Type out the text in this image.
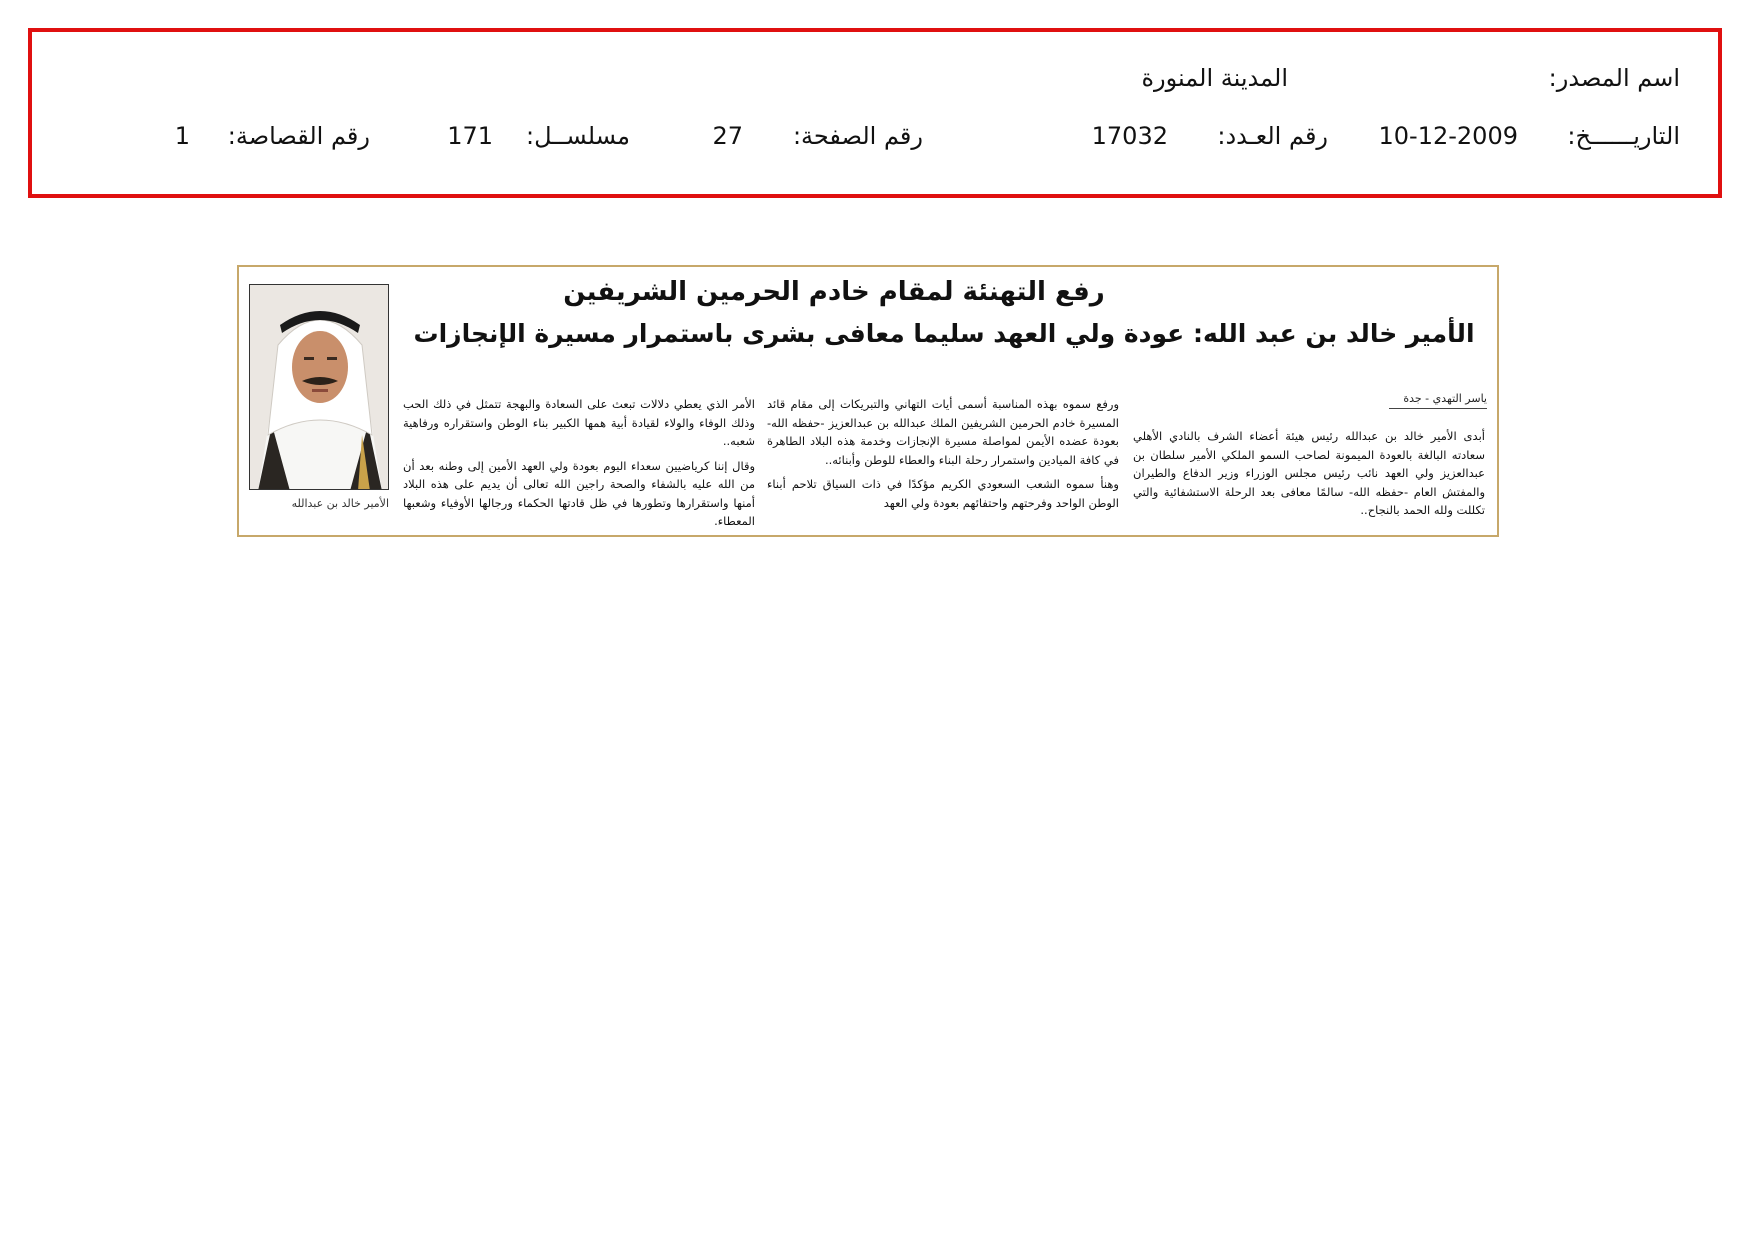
اسم المصدر:
المدينة المنورة
التاريــــــخ:
10-12-2009
رقم العـدد:
17032
رقم الصفحة:
27
مسلســل:
171
رقم القصاصة:
1
رفع التهنئة لمقام خادم الحرمين الشريفين
الأمير خالد بن عبد الله: عودة ولي العهد سليما معافى بشرى باستمرار مسيرة الإنجازات
الأمير خالد بن عبدالله
ياسر التهدي - جدة

أبدى الأمير خالد بن عبدالله رئيس هيئة أعضاء الشرف بالنادي الأهلي سعادته البالغة بالعودة الميمونة لصاحب السمو الملكي الأمير سلطان بن عبدالعزيز ولي العهد نائب رئيس مجلس الوزراء وزير الدفاع والطيران والمفتش العام -حفظه الله- سالمًا معافى بعد الرحلة الاستشفائية والتي تكللت ولله الحمد بالنجاح..

ورفع سموه بهذه المناسبة أسمى أيات التهاني والتبريكات إلى مقام قائد المسيرة خادم الحرمين الشريفين الملك عبدالله بن عبدالعزيز -حفظه الله- بعودة عضده الأيمن لمواصلة مسيرة الإنجازات وخدمة هذه البلاد الطاهرة في كافة الميادين واستمرار رحلة البناء والعطاء للوطن وأبنائه..

وهنأ سموه الشعب السعودي الكريم مؤكدًا في ذات السياق تلاحم أبناء الوطن الواحد وفرحتهم واحتفائهم بعودة ولي العهد

الأمر الذي يعطي دلالات تبعث على السعادة والبهجة تتمثل في ذلك الحب وذلك الوفاء والولاء لقيادة أبية همها الكبير بناء الوطن واستقراره ورفاهية شعبه..

وقال إننا كرياضيين سعداء اليوم بعودة ولي العهد الأمين إلى وطنه بعد أن من الله عليه بالشفاء والصحة راجين الله تعالى أن يديم على هذه البلاد أمنها واستقرارها وتطورها في ظل قادتها الحكماء ورجالها الأوفياء وشعبها المعطاء.
